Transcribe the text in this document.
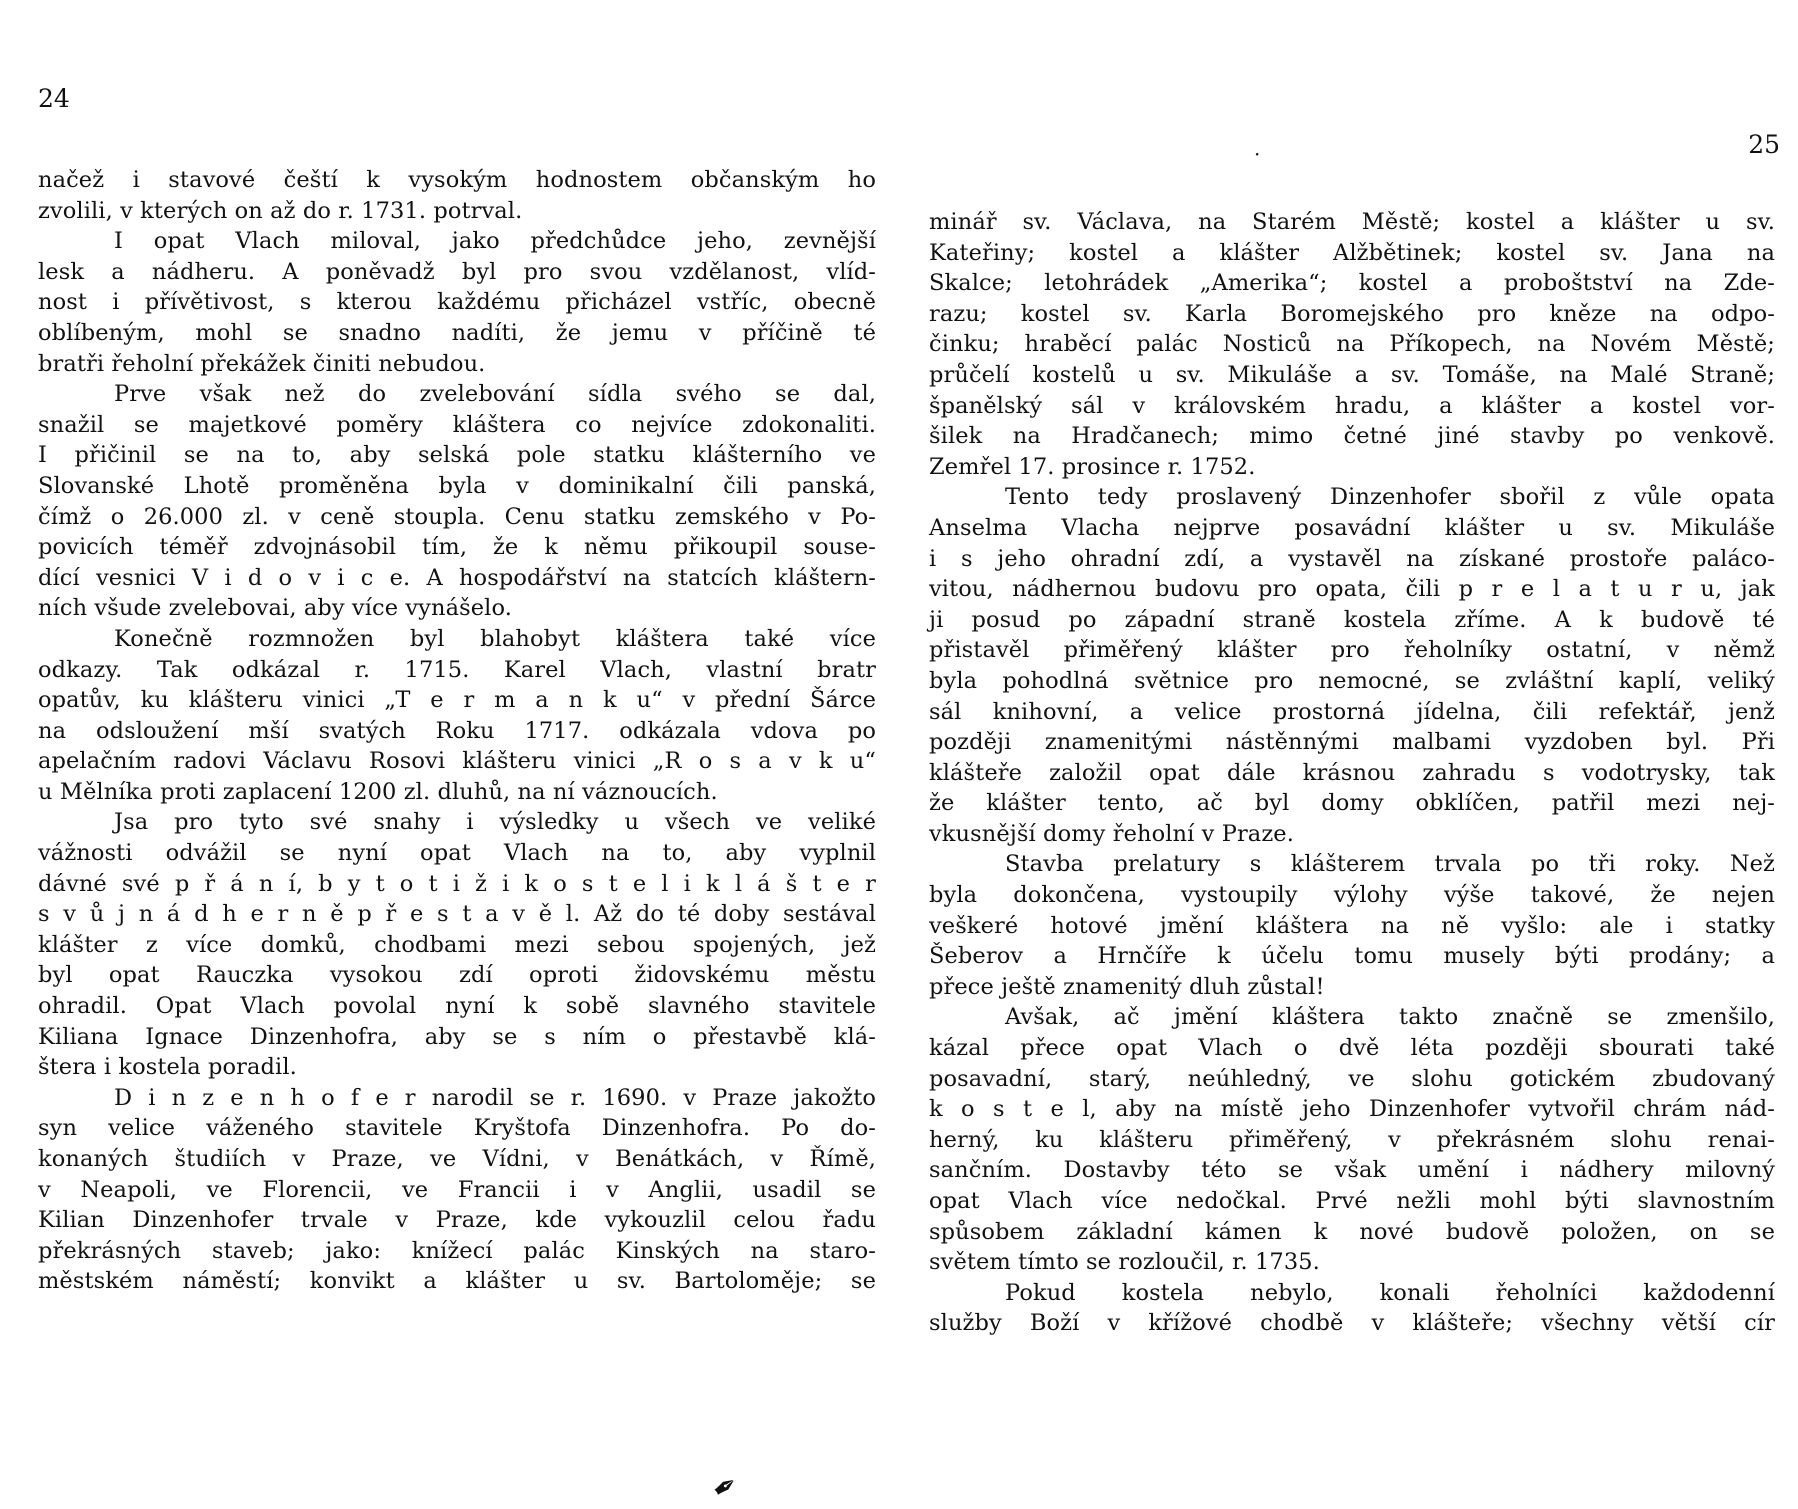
24
načež i stavové čeští k vysokým hodnostem občanským ho
zvolili, v kterých on až do r. 1731. potrval.
I opat Vlach miloval, jako předchůdce jeho, zevnější
lesk a nádheru. A poněvadž byl pro svou vzdělanost, vlíd-
nost i přívětivost, s kterou každému přicházel vstříc, obecně
oblíbeným, mohl se snadno nadíti, že jemu v příčině té
bratři řeholní překážek činiti nebudou.
Prve však než do zvelebování sídla svého se dal,
snažil se majetkové poměry kláštera co nejvíce zdokonaliti.
I přičinil se na to, aby selská pole statku klášterního ve
Slovanské Lhotě proměněna byla v dominikalní čili panská,
čímž o 26.000 zl. v ceně stoupla. Cenu statku zemského v Po-
povicích téměř zdvojnásobil tím, že k němu přikoupil souse-
dící vesnici V i d o v i c e. A hospodářství na statcích kláštern-
ních všude zvelebovai, aby více vynášelo.
Konečně rozmnožen byl blahobyt kláštera také více
odkazy. Tak odkázal r. 1715. Karel Vlach, vlastní bratr
opatův, ku klášteru vinici „T e r m a n k u“ v přední Šárce
na odsloužení mší svatých Roku 1717. odkázala vdova po
apelačním radovi Václavu Rosovi klášteru vinici „R o s a v k u“
u Mělníka proti zaplacení 1200 zl. dluhů, na ní váznoucích.
Jsa pro tyto své snahy i výsledky u všech ve veliké
vážnosti odvážil se nyní opat Vlach na to, aby vyplnil
dávné své p ř á n í, b y t o t i ž i k o s t e l i k l á š t e r
s v ů j n á d h e r n ě p ř e s t a v ě l. Až do té doby sestával
klášter z více domků, chodbami mezi sebou spojených, jež
byl opat Rauczka vysokou zdí oproti židovskému městu
ohradil. Opat Vlach povolal nyní k sobě slavného stavitele
Kiliana Ignace Dinzenhofra, aby se s ním o přestavbě klá-
štera i kostela poradil.
D i n z e n h o f e r narodil se r. 1690. v Praze jakožto
syn velice váženého stavitele Kryštofa Dinzenhofra. Po do-
konaných študiích v Praze, ve Vídni, v Benátkách, v Římě,
v Neapoli, ve Florencii, ve Francii i v Anglii, usadil se
Kilian Dinzenhofer trvale v Praze, kde vykouzlil celou řadu
překrásných staveb; jako: knížecí palác Kinských na staro-
městském náměstí; konvikt a klášter u sv. Bartoloměje; se
25
minář sv. Václava, na Starém Městě; kostel a klášter u sv.
Kateřiny; kostel a klášter Alžbětinek; kostel sv. Jana na
Skalce; letohrádek „Amerika“; kostel a proboštství na Zde-
razu; kostel sv. Karla Boromejského pro kněze na odpo-
činku; hraběcí palác Nosticů na Příkopech, na Novém Městě;
průčelí kostelů u sv. Mikuláše a sv. Tomáše, na Malé Straně;
španělský sál v královském hradu, a klášter a kostel vor-
šilek na Hradčanech; mimo četné jiné stavby po venkově.
Zemřel 17. prosince r. 1752.
Tento tedy proslavený Dinzenhofer sbořil z vůle opata
Anselma Vlacha nejprve posavádní klášter u sv. Mikuláše
i s jeho ohradní zdí, a vystavěl na získané prostoře paláco-
vitou, nádhernou budovu pro opata, čili p r e l a t u r u, jak
ji posud po západní straně kostela zříme. A k budově té
přistavěl přiměřený klášter pro řeholníky ostatní, v němž
byla pohodlná světnice pro nemocné, se zvláštní kaplí, veliký
sál knihovní, a velice prostorná jídelna, čili refektář, jenž
později znamenitými nástěnnými malbami vyzdoben byl. Při
klášteře založil opat dále krásnou zahradu s vodotrysky, tak
že klášter tento, ač byl domy obklíčen, patřil mezi nej-
vkusnější domy řeholní v Praze.
Stavba prelatury s klášterem trvala po tři roky. Než
byla dokončena, vystoupily výlohy výše takové, že nejen
veškeré hotové jmění kláštera na ně vyšlo: ale i statky
Šeberov a Hrnčíře k účelu tomu musely býti prodány; a
přece ještě znamenitý dluh zůstal!
Avšak, ač jmění kláštera takto značně se zmenšilo,
kázal přece opat Vlach o dvě léta později sbourati také
posavadní, starý, neúhledný, ve slohu gotickém zbudovaný
k o s t e l, aby na místě jeho Dinzenhofer vytvořil chrám nád-
herný, ku klášteru přiměřený, v překrásném slohu renai-
sančním. Dostavby této se však umění i nádhery milovný
opat Vlach více nedočkal. Prvé nežli mohl býti slavnostním
spůsobem základní kámen k nové budově položen, on se
světem tímto se rozloučil, r. 1735.
Pokud kostela nebylo, konali řeholníci každodenní
služby Boží v křížové chodbě v klášteře; všechny větší cír
·
✒
